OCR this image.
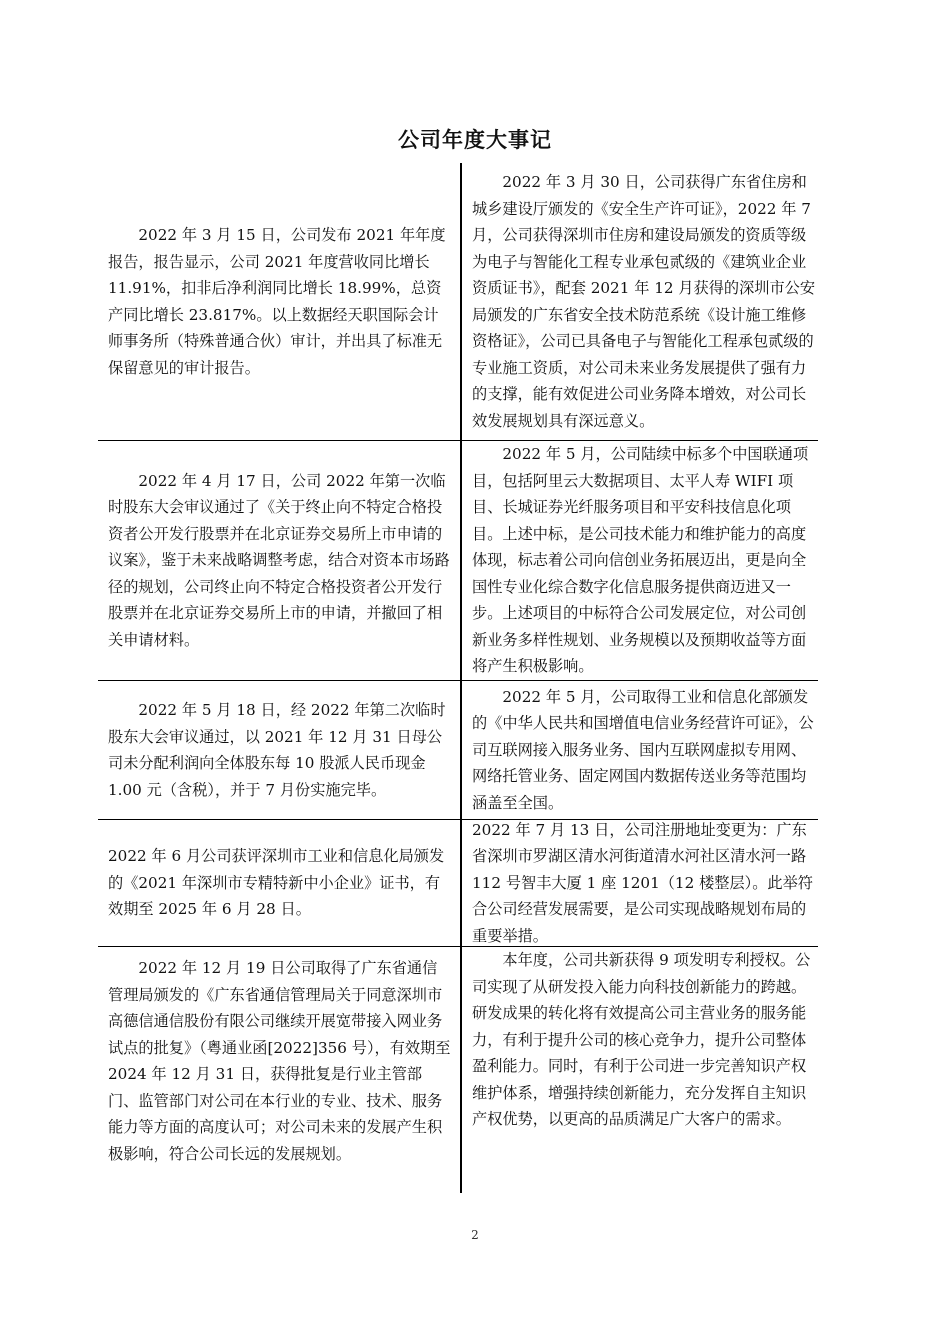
公司年度大事记

2022 年 3 月 15 日，公司发布 2021 年年度报告，报告显示，公司 2021 年度营收同比增长 11.91%，扣非后净利润同比增长 18.99%，总资产同比增长 23.817%。以上数据经天职国际会计师事务所（特殊普通合伙）审计，并出具了标准无保留意见的审计报告。

2022 年 3 月 30 日，公司获得广东省住房和城乡建设厅颁发的《安全生产许可证》，2022 年 7 月，公司获得深圳市住房和建设局颁发的资质等级为电子与智能化工程专业承包贰级的《建筑业企业资质证书》，配套 2021 年 12 月获得的深圳市公安局颁发的广东省安全技术防范系统《设计施工维修资格证》，公司已具备电子与智能化工程承包贰级的专业施工资质，对公司未来业务发展提供了强有力的支撑，能有效促进公司业务降本增效，对公司长效发展规划具有深远意义。

2022 年 4 月 17 日，公司 2022 年第一次临时股东大会审议通过了《关于终止向不特定合格投资者公开发行股票并在北京证券交易所上市申请的议案》，鉴于未来战略调整考虑，结合对资本市场路径的规划，公司终止向不特定合格投资者公开发行股票并在北京证券交易所上市的申请，并撤回了相关申请材料。

2022 年 5 月，公司陆续中标多个中国联通项目，包括阿里云大数据项目、太平人寿 WIFI 项目、长城证券光纤服务项目和平安科技信息化项目。上述中标，是公司技术能力和维护能力的高度体现，标志着公司向信创业务拓展迈出，更是向全国性专业化综合数字化信息服务提供商迈进又一步。上述项目的中标符合公司发展定位，对公司创新业务多样性规划、业务规模以及预期收益等方面将产生积极影响。

2022 年 5 月 18 日，经 2022 年第二次临时股东大会审议通过，以 2021 年 12 月 31 日母公司未分配利润向全体股东每 10 股派人民币现金 1.00 元（含税），并于 7 月份实施完毕。

2022 年 5 月，公司取得工业和信息化部颁发的《中华人民共和国增值电信业务经营许可证》，公司互联网接入服务业务、国内互联网虚拟专用网、网络托管业务、固定网国内数据传送业务等范围均涵盖至全国。

2022 年 6 月公司获评深圳市工业和信息化局颁发的《2021 年深圳市专精特新中小企业》证书，有效期至 2025 年 6 月 28 日。

2022 年 7 月 13 日，公司注册地址变更为：广东省深圳市罗湖区清水河街道清水河社区清水河一路 112 号智丰大厦 1 座 1201（12 楼整层）。此举符合公司经营发展需要，是公司实现战略规划布局的重要举措。

2022 年 12 月 19 日公司取得了广东省通信管理局颁发的《广东省通信管理局关于同意深圳市高德信通信股份有限公司继续开展宽带接入网业务试点的批复》（粤通业函[2022]356 号），有效期至 2024 年 12 月 31 日，获得批复是行业主管部门、监管部门对公司在本行业的专业、技术、服务能力等方面的高度认可；对公司未来的发展产生积极影响，符合公司长远的发展规划。

本年度，公司共新获得 9 项发明专利授权。公司实现了从研发投入能力向科技创新能力的跨越。研发成果的转化将有效提高公司主营业务的服务能力，有利于提升公司的核心竞争力，提升公司整体盈利能力。同时，有利于公司进一步完善知识产权维护体系，增强持续创新能力，充分发挥自主知识产权优势，以更高的品质满足广大客户的需求。

2
